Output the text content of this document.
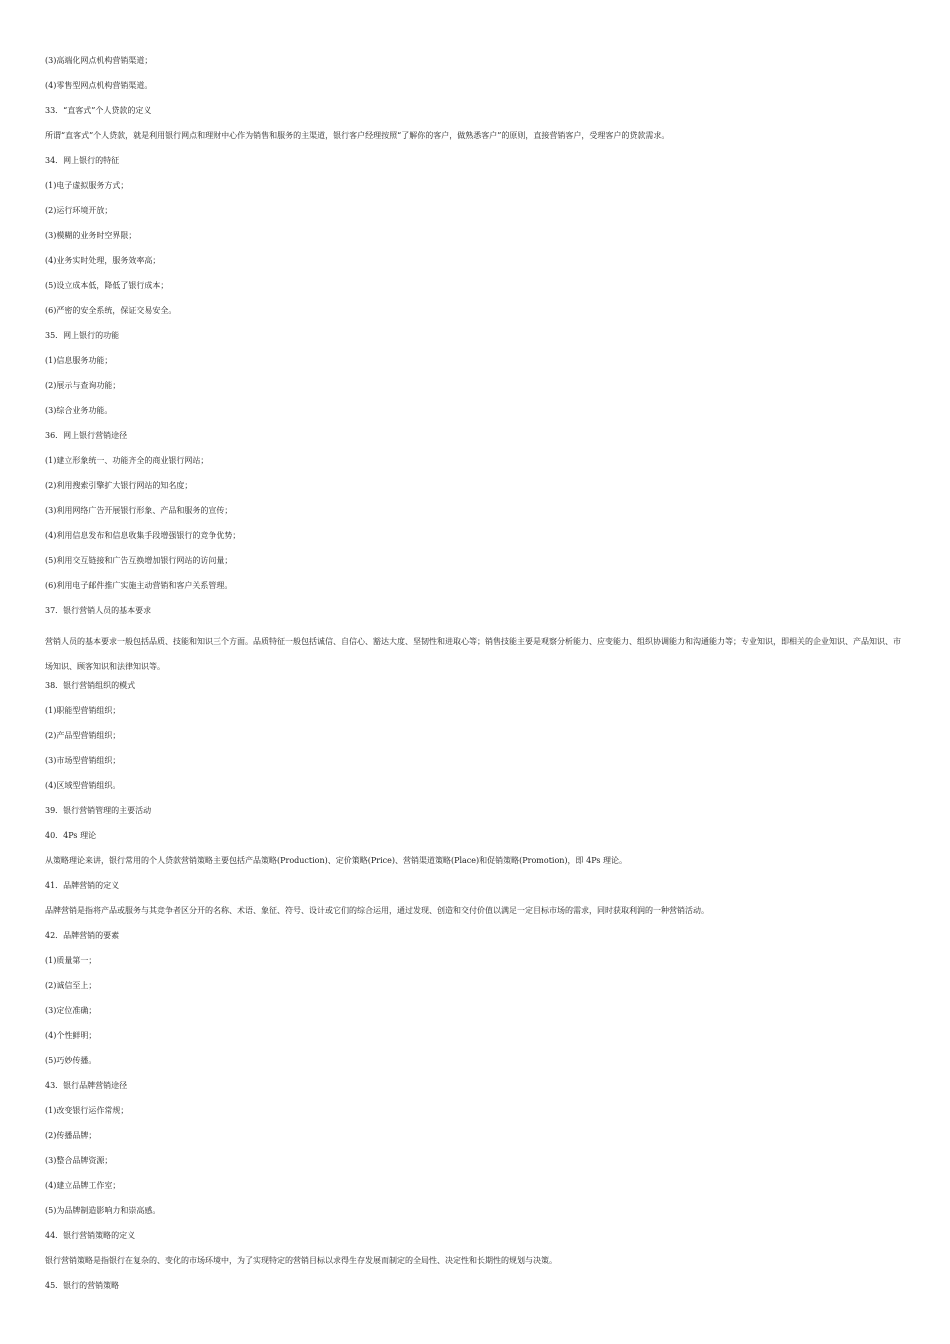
(3)高端化网点机构营销渠道；
(4)零售型网点机构营销渠道。
33．“直客式”个人贷款的定义
所谓“直客式”个人贷款，就是利用银行网点和理财中心作为销售和服务的主渠道，银行客户经理按照“了解你的客户，做熟悉客户”的原则，直接营销客户，受理客户的贷款需求。
34．网上银行的特征
(1)电子虚拟服务方式；
(2)运行环境开放；
(3)模糊的业务时空界限；
(4)业务实时处理，服务效率高；
(5)设立成本低，降低了银行成本；
(6)严密的安全系统，保证交易安全。
35．网上银行的功能
(1)信息服务功能；
(2)展示与查询功能；
(3)综合业务功能。
36．网上银行营销途径
(1)建立形象统一、功能齐全的商业银行网站；
(2)利用搜索引擎扩大银行网站的知名度；
(3)利用网络广告开展银行形象、产品和服务的宣传；
(4)利用信息发布和信息收集手段增强银行的竞争优势；
(5)利用交互链接和广告互换增加银行网站的访问量；
(6)利用电子邮件推广实施主动营销和客户关系管理。
37．银行营销人员的基本要求
营销人员的基本要求一般包括品质、技能和知识三个方面。品质特征一般包括诚信、自信心、豁达大度、坚韧性和进取心等；销售技能主要是观察分析能力、应变能力、组织协调能力和沟通能力等；专业知识，即相关的企业知识、产品知识、市场知识、顾客知识和法律知识等。
38．银行营销组织的模式
(1)职能型营销组织；
(2)产品型营销组织；
(3)市场型营销组织；
(4)区域型营销组织。
39．银行营销管理的主要活动
40．4Ps 理论
从策略理论来讲，银行常用的个人贷款营销策略主要包括产品策略(Production)、定价策略(Price)、营销渠道策略(Place)和促销策略(Promotion)，即 4Ps 理论。
41．品牌营销的定义
品牌营销是指将产品或服务与其竞争者区分开的名称、术语、象征、符号、设计或它们的综合运用，通过发现、创造和交付价值以满足一定目标市场的需求，同时获取利润的一种营销活动。
42．品牌营销的要素
(1)质量第一；
(2)诚信至上；
(3)定位准确；
(4)个性鲜明；
(5)巧妙传播。
43．银行品牌营销途径
(1)改变银行运作常规；
(2)传播品牌；
(3)整合品牌资源；
(4)建立品牌工作室；
(5)为品牌制造影响力和崇高感。
44．银行营销策略的定义
银行营销策略是指银行在复杂的、变化的市场环境中，为了实现特定的营销目标以求得生存发展而制定的全局性、决定性和长期性的规划与决策。
45．银行的营销策略
